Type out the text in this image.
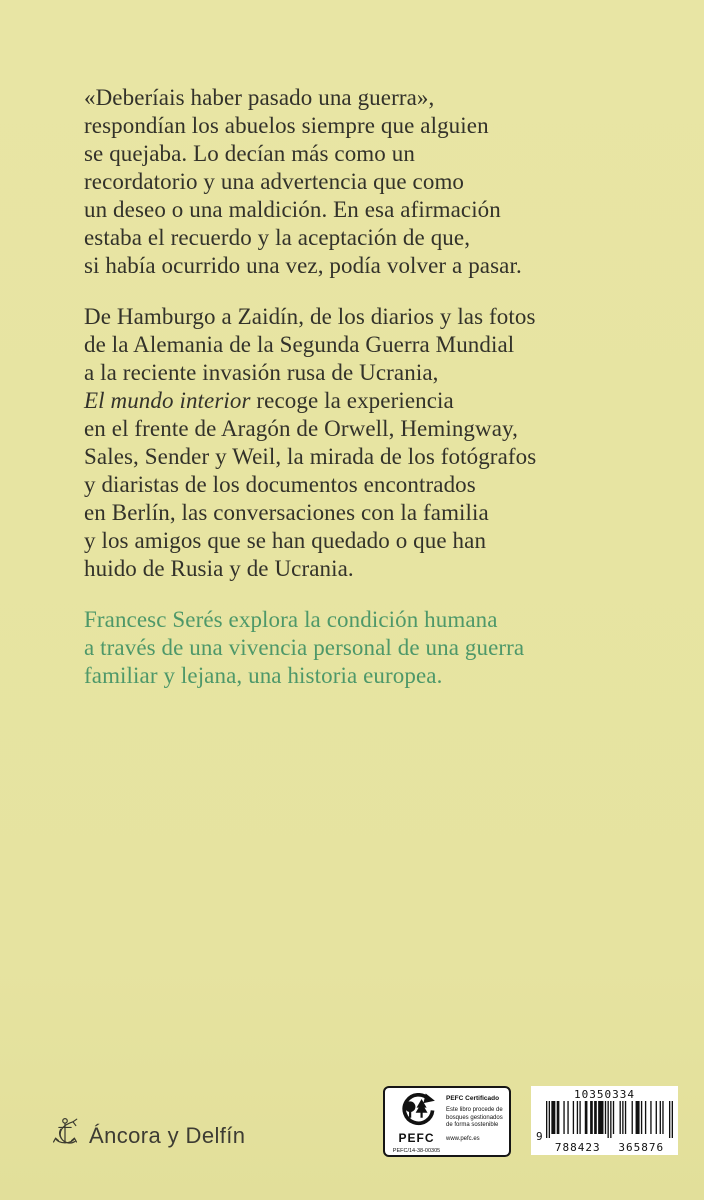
«Deberíais haber pasado una guerra»,
respondían los abuelos siempre que alguien
se quejaba. Lo decían más como un
recordatorio y una advertencia que como
un deseo o una maldición. En esa afirmación
estaba el recuerdo y la aceptación de que,
si había ocurrido una vez, podía volver a pasar.
De Hamburgo a Zaidín, de los diarios y las fotos
de la Alemania de la Segunda Guerra Mundial
a la reciente invasión rusa de Ucrania,
El mundo interior recoge la experiencia
en el frente de Aragón de Orwell, Hemingway,
Sales, Sender y Weil, la mirada de los fotógrafos
y diaristas de los documentos encontrados
en Berlín, las conversaciones con la familia
y los amigos que se han quedado o que han
huido de Rusia y de Ucrania.
Francesc Serés explora la condición humana
a través de una vivencia personal de una guerra
familiar y lejana, una historia europea.
Áncora y Delfín	PEFC
PEFC/14-38-00305
PEFC Certificado
Este libro procede de bosques gestionados de forma sostenible
www.pefc.es
10350334
9
788423 365876
